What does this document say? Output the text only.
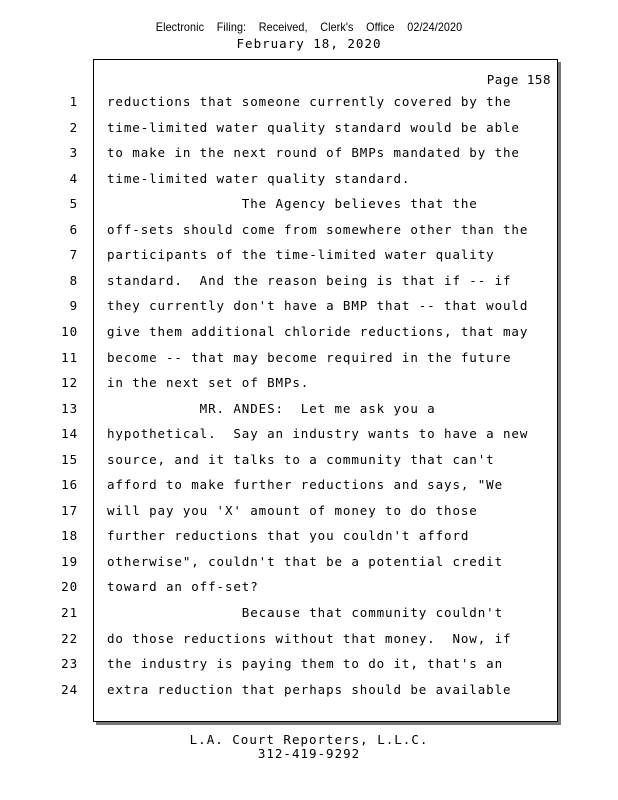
Electronic Filing: Received, Clerk's Office 02/24/2020
February 18, 2020
Page 158
1 reductions that someone currently covered by the
2 time-limited water quality standard would be able
3 to make in the next round of BMPs mandated by the
4 time-limited water quality standard.
5 The Agency believes that the
6 off-sets should come from somewhere other than the
7 participants of the time-limited water quality
8 standard.  And the reason being is that if -- if
9 they currently don't have a BMP that -- that would
10 give them additional chloride reductions, that may
11 become -- that may become required in the future
12 in the next set of BMPs.
13 MR. ANDES:  Let me ask you a
14 hypothetical.  Say an industry wants to have a new
15 source, and it talks to a community that can't
16 afford to make further reductions and says, "We
17 will pay you 'X' amount of money to do those
18 further reductions that you couldn't afford
19 otherwise", couldn't that be a potential credit
20 toward an off-set?
21 Because that community couldn't
22 do those reductions without that money.  Now, if
23 the industry is paying them to do it, that's an
24 extra reduction that perhaps should be available
L.A. Court Reporters, L.L.C.
312-419-9292
